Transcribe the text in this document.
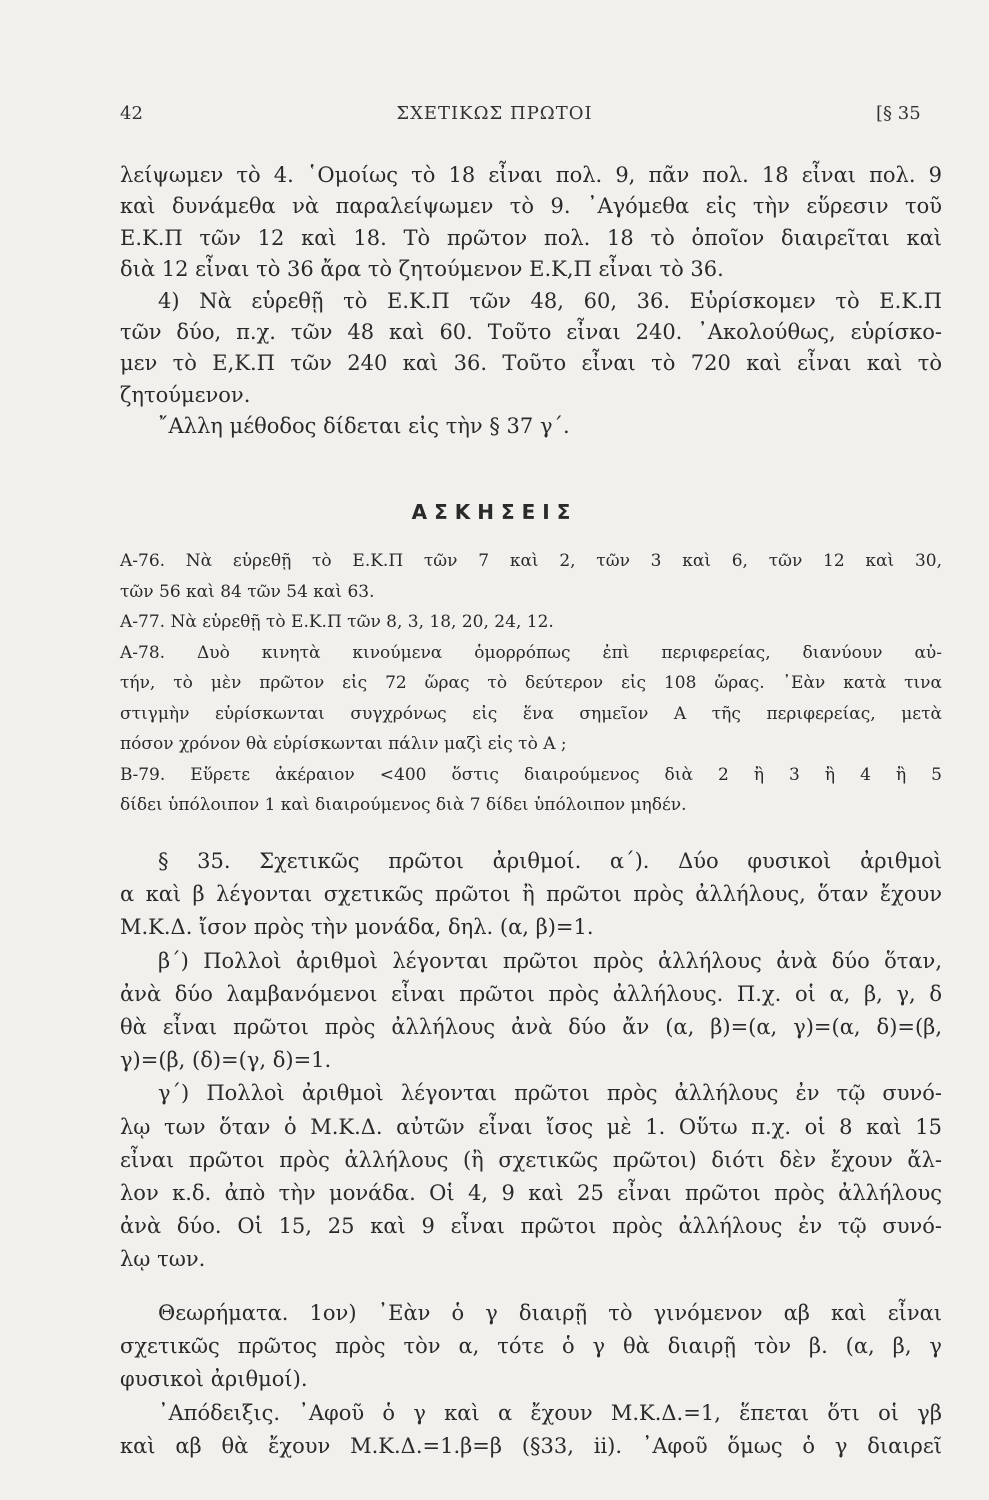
42	ΣΧΕΤΙΚΩΣ ΠΡΩΤΟΙ	[§ 35

λείψωμεν τὸ 4. ῾Ομοίως τὸ 18 εἶναι πολ. 9, πᾶν πολ. 18 εἶναι πολ. 9
καὶ δυνάμεθα νὰ παραλείψωμεν τὸ 9. ᾿Αγόμεθα εἰς τὴν εὕρεσιν τοῦ
Ε.Κ.Π τῶν 12 καὶ 18. Τὸ πρῶτον πολ. 18 τὸ ὁποῖον διαιρεῖται καὶ
διὰ 12 εἶναι τὸ 36 ἄρα τὸ ζητούμενον Ε.Κ,Π εἶναι τὸ 36.
4) Νὰ εὑρεθῇ τὸ Ε.Κ.Π τῶν 48, 60, 36. Εὑρίσκομεν τὸ Ε.Κ.Π
τῶν δύο, π.χ. τῶν 48 καὶ 60. Τοῦτο εἶναι 240. ᾿Ακολούθως, εὑρίσκο-
μεν τὸ Ε,Κ.Π τῶν 240 καὶ 36. Τοῦτο εἶναι τὸ 720 καὶ εἶναι καὶ τὸ
ζητούμενον.
῎Αλλη μέθοδος δίδεται εἰς τὴν § 37 γ΄.

ΑΣΚΗΣΕΙΣ

Α-76. Νὰ εὑρεθῇ τὸ Ε.Κ.Π τῶν 7 καὶ 2, τῶν 3 καὶ 6, τῶν 12 καὶ 30,
τῶν 56 καὶ 84 τῶν 54 καὶ 63.
Α-77. Νὰ εὑρεθῇ τὸ Ε.Κ.Π τῶν 8, 3, 18, 20, 24, 12.
Α-78. Δυὸ κινητὰ κινούμενα ὁμορρόπως ἐπὶ περιφερείας, διανύουν αὐ-
τήν, τὸ μὲν πρῶτον εἰς 72 ὥρας τὸ δεύτερον εἰς 108 ὥρας. ᾿Εὰν κατὰ τινα
στιγμὴν εὑρίσκωνται συγχρόνως εἰς ἕνα σημεῖον Α τῆς περιφερείας, μετὰ
πόσον χρόνον θὰ εὑρίσκωνται πάλιν μαζὶ εἰς τὸ Α ;
Β-79. Εὕρετε ἀκέραιον <400 ὅστις διαιρούμενος διὰ 2 ἢ 3 ἢ 4 ἢ 5
δίδει ὑπόλοιπον 1 καὶ διαιρούμενος διὰ 7 δίδει ὑπόλοιπον μηδέν.

§ 35. Σχετικῶς πρῶτοι ἀριθμοί. α΄). Δύο φυσικοὶ ἀριθμοὶ
α καὶ β λέγονται σχετικῶς πρῶτοι ἢ πρῶτοι πρὸς ἀλλήλους, ὅταν ἔχουν
Μ.Κ.Δ. ἴσον πρὸς τὴν μονάδα, δηλ. (α, β)=1.
β΄) Πολλοὶ ἀριθμοὶ λέγονται πρῶτοι πρὸς ἀλλήλους ἀνὰ δύο ὅταν,
ἀνὰ δύο λαμβανόμενοι εἶναι πρῶτοι πρὸς ἀλλήλους. Π.χ. οἱ α, β, γ, δ
θὰ εἶναι πρῶτοι πρὸς ἀλλήλους ἀνὰ δύο ἄν (α, β)=(α, γ)=(α, δ)=(β,
γ)=(β, (δ)=(γ, δ)=1.
γ΄) Πολλοὶ ἀριθμοὶ λέγονται πρῶτοι πρὸς ἀλλήλους ἐν τῷ συνό-
λῳ των ὅταν ὁ Μ.Κ.Δ. αὐτῶν εἶναι ἴσος μὲ 1. Οὕτω π.χ. οἱ 8 καὶ 15
εἶναι πρῶτοι πρὸς ἀλλήλους (ἢ σχετικῶς πρῶτοι) διότι δὲν ἔχουν ἄλ-
λον κ.δ. ἀπὸ τὴν μονάδα. Οἱ 4, 9 καὶ 25 εἶναι πρῶτοι πρὸς ἀλλήλους
ἀνὰ δύο. Οἱ 15, 25 καὶ 9 εἶναι πρῶτοι πρὸς ἀλλήλους ἐν τῷ συνό-
λῳ των.

Θεωρήματα. 1ον) ᾿Εὰν ὁ γ διαιρῇ τὸ γινόμενον αβ καὶ εἶναι
σχετικῶς πρῶτος πρὸς τὸν α, τότε ὁ γ θὰ διαιρῇ τὸν β. (α, β, γ
φυσικοὶ ἀριθμοί).
᾿Απόδειξις. ᾿Αφοῦ ὁ γ καὶ α ἔχουν Μ.Κ.Δ.=1, ἕπεται ὅτι οἱ γβ
καὶ αβ θὰ ἔχουν Μ.Κ.Δ.=1.β=β (§33, ii). ᾿Αφοῦ ὅμως ὁ γ διαιρεῖ
